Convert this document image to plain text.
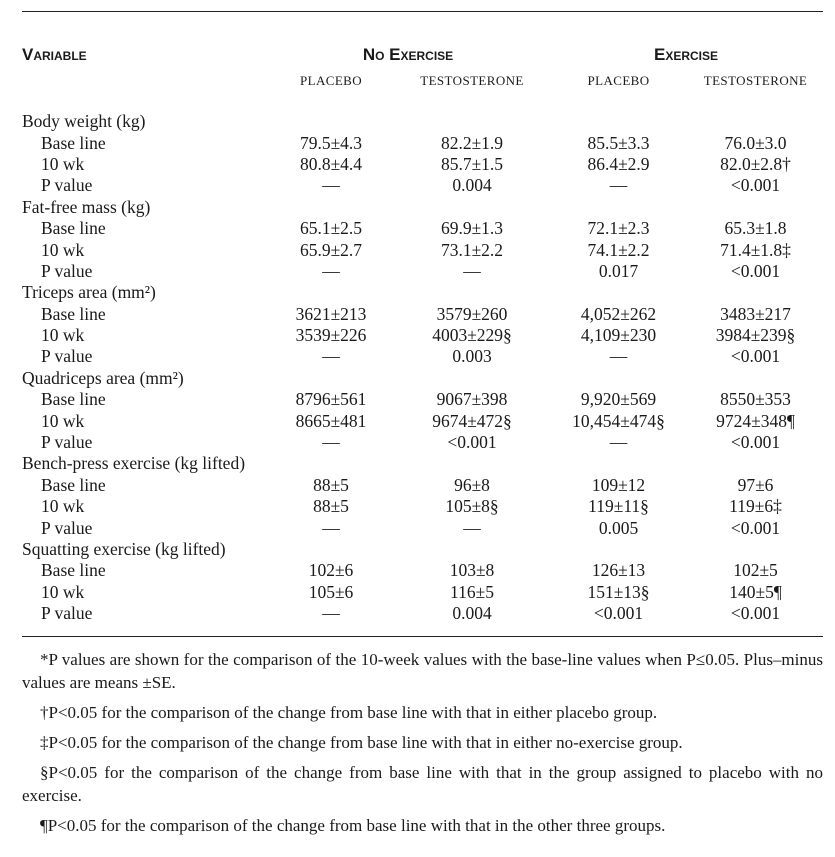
Variable	No Exercise		Exercise	
	PLACEBO	TESTOSTERONE	PLACEBO	TESTOSTERONE

Body weight (kg)				
Base line	79.5±4.3	82.2±1.9	85.5±3.3	76.0±3.0
10 wk	80.8±4.4	85.7±1.5	86.4±2.9	82.0±2.8†
P value	—	0.004	—	<0.001
Fat-free mass (kg)				
Base line	65.1±2.5	69.9±1.3	72.1±2.3	65.3±1.8
10 wk	65.9±2.7	73.1±2.2	74.1±2.2	71.4±1.8‡
P value	—	—	0.017	<0.001
Triceps area (mm²)				
Base line	3621±213	3579±260	4,052±262	3483±217
10 wk	3539±226	4003±229§	4,109±230	3984±239§
P value	—	0.003	—	<0.001
Quadriceps area (mm²)				
Base line	8796±561	9067±398	9,920±569	8550±353
10 wk	8665±481	9674±472§	10,454±474§	9724±348¶
P value	—	<0.001	—	<0.001
Bench-press exercise (kg lifted)				
Base line	88±5	96±8	109±12	97±6
10 wk	88±5	105±8§	119±11§	119±6‡
P value	—	—	0.005	<0.001
Squatting exercise (kg lifted)				
Base line	102±6	103±8	126±13	102±5
10 wk	105±6	116±5	151±13§	140±5¶
P value	—	0.004	<0.001	<0.001

*P values are shown for the comparison of the 10-week values with the base-line values when P≤0.05. Plus–minus values are means ±SE.

†P<0.05 for the comparison of the change from base line with that in either placebo group.

‡P<0.05 for the comparison of the change from base line with that in either no-exercise group.

§P<0.05 for the comparison of the change from base line with that in the group assigned to placebo with no exercise.

¶P<0.05 for the comparison of the change from base line with that in the other three groups.
